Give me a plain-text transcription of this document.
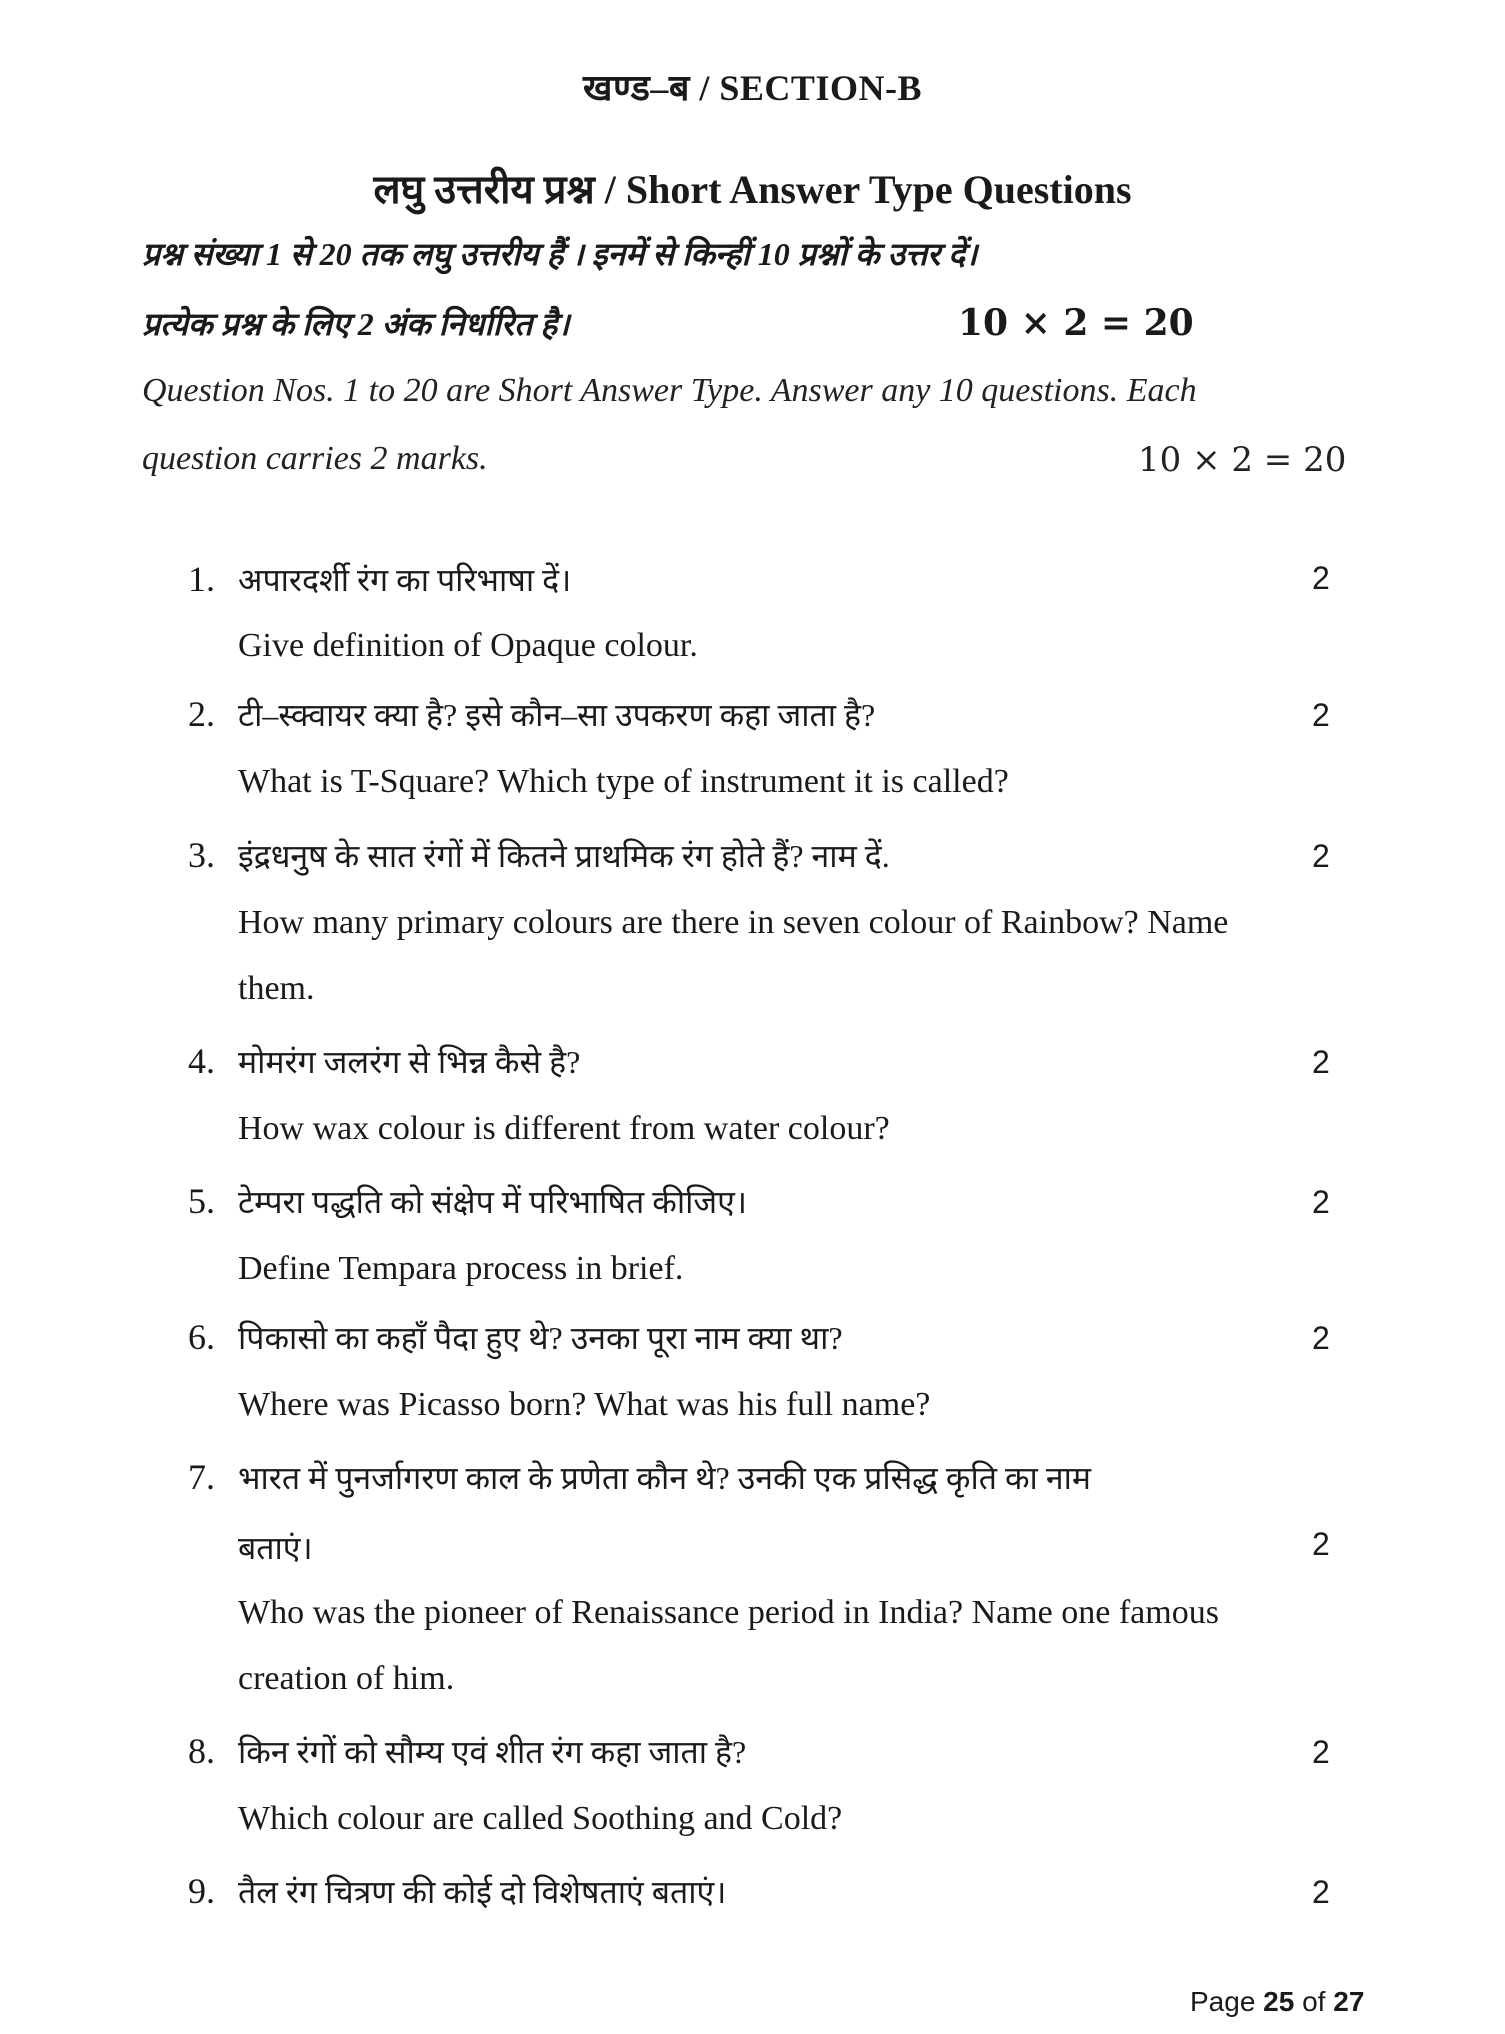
खण्ड–ब / SECTION-B
लघु उत्तरीय प्रश्न / Short Answer Type Questions
प्रश्न संख्या 1 से 20 तक लघु उत्तरीय हैं । इनमें से किन्हीं 10 प्रश्नों के उत्तर दें।
प्रत्येक प्रश्न के लिए 2 अंक निर्धारित है।	10 × 2 = 20
Question Nos. 1 to 20 are Short Answer Type. Answer any 10 questions. Each
question carries 2 marks.	10 × 2 = 20
1. अपारदर्शी रंग का परिभाषा दें।	2
Give definition of Opaque colour.
2. टी–स्क्वायर क्या है? इसे कौन–सा उपकरण कहा जाता है?	2
What is T-Square? Which type of instrument it is called?
3. इंद्रधनुष के सात रंगों में कितने प्राथमिक रंग होते हैं? नाम दें.	2
How many primary colours are there in seven colour of Rainbow? Name
them.
4. मोमरंग जलरंग से भिन्न कैसे है?	2
How wax colour is different from water colour?
5. टेम्परा पद्धति को संक्षेप में परिभाषित कीजिए।	2
Define Tempara process in brief.
6. पिकासो का कहाँ पैदा हुए थे? उनका पूरा नाम क्या था?	2
Where was Picasso born? What was his full name?
7. भारत में पुनर्जागरण काल के प्रणेता कौन थे? उनकी एक प्रसिद्ध कृति का नाम
बताएं।	2
Who was the pioneer of Renaissance period in India? Name one famous
creation of him.
8. किन रंगों को सौम्य एवं शीत रंग कहा जाता है?	2
Which colour are called Soothing and Cold?
9. तैल रंग चित्रण की कोई दो विशेषताएं बताएं।	2
Page 25 of 27
